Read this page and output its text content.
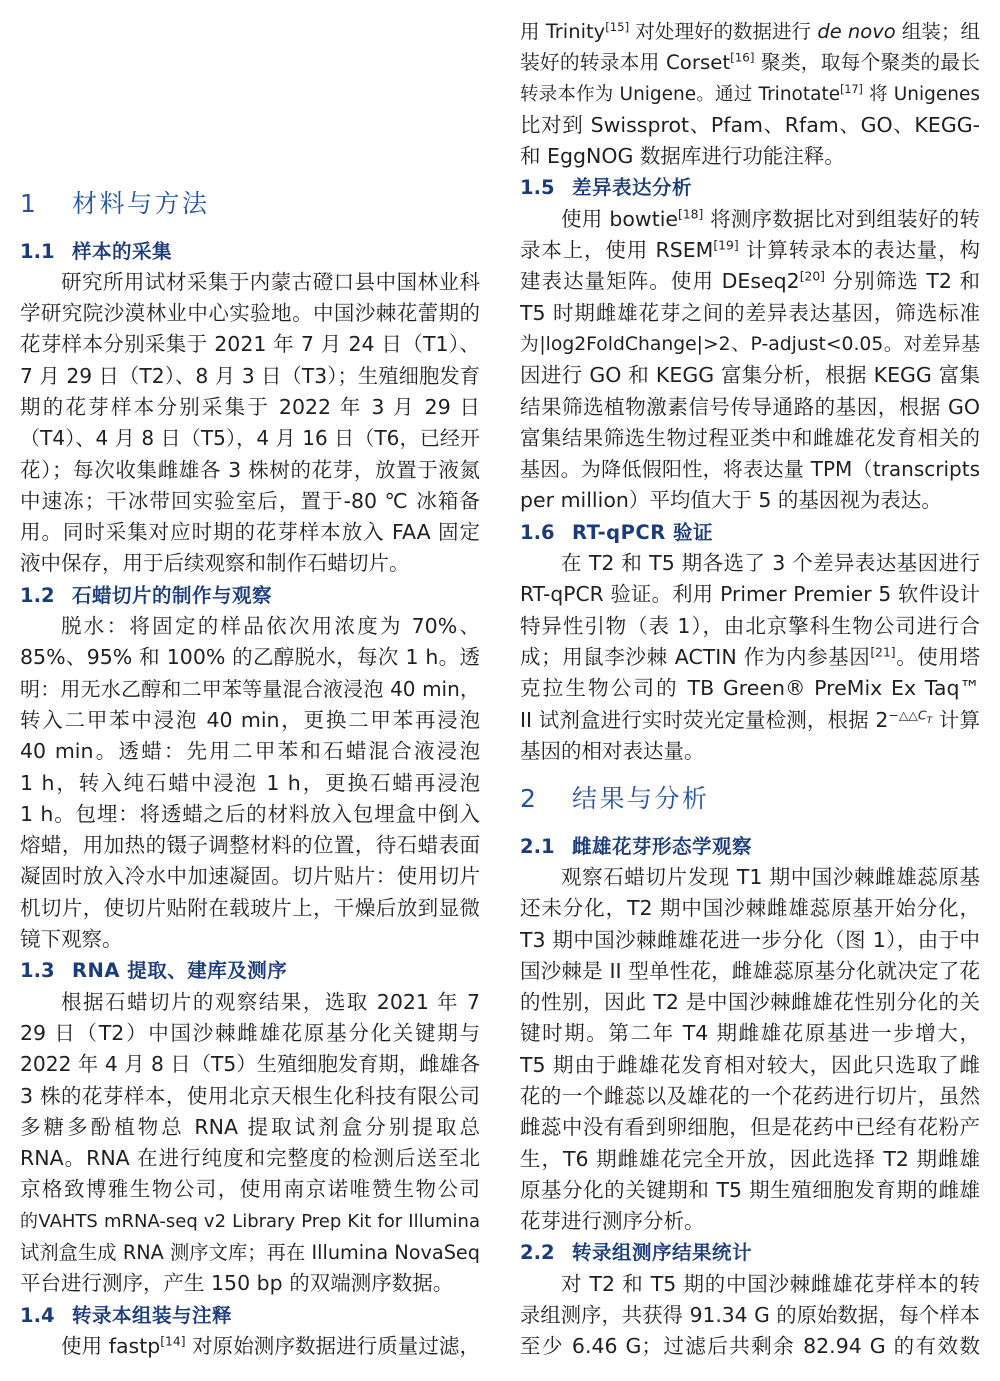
1 材料与方法
1.1 样本的采集
研究所用试材采集于内蒙古磴口县中国林业科
学研究院沙漠林业中心实验地。中国沙棘花蕾期的
花芽样本分别采集于 2021 年 7 月 24 日（T1）、
7 月 29 日（T2）、8 月 3 日（T3）；生殖细胞发育
期的花芽样本分别采集于 2022 年 3 月 29 日
（T4）、4 月 8 日（T5），4 月 16 日（T6，已经开
花）；每次收集雌雄各 3 株树的花芽，放置于液氮
中速冻；干冰带回实验室后，置于-80 ℃ 冰箱备
用。同时采集对应时期的花芽样本放入 FAA 固定
液中保存，用于后续观察和制作石蜡切片。
1.2 石蜡切片的制作与观察
脱水：将固定的样品依次用浓度为 70%、
85%、95% 和 100% 的乙醇脱水，每次 1 h。透
明：用无水乙醇和二甲苯等量混合液浸泡 40 min，
转入二甲苯中浸泡 40 min，更换二甲苯再浸泡
40 min。透蜡：先用二甲苯和石蜡混合液浸泡
1 h，转入纯石蜡中浸泡 1 h，更换石蜡再浸泡
1 h。包埋：将透蜡之后的材料放入包埋盒中倒入
熔蜡，用加热的镊子调整材料的位置，待石蜡表面
凝固时放入冷水中加速凝固。切片贴片：使用切片
机切片，使切片贴附在载玻片上，干燥后放到显微
镜下观察。
1.3 RNA 提取、建库及测序
根据石蜡切片的观察结果，选取 2021 年 7
29 日（T2）中国沙棘雌雄花原基分化关键期与
2022 年 4 月 8 日（T5）生殖细胞发育期，雌雄各
3 株的花芽样本，使用北京天根生化科技有限公司
多糖多酚植物总 RNA 提取试剂盒分别提取总
RNA。RNA 在进行纯度和完整度的检测后送至北
京格致博雅生物公司，使用南京诺唯赞生物公司
的VAHTS mRNA-seq v2 Library Prep Kit for Illumina
试剂盒生成 RNA 测序文库；再在 Illumina NovaSeq
平台进行测序，产生 150 bp 的双端测序数据。
1.4 转录本组装与注释
使用 fastp[14] 对原始测序数据进行质量过滤，
用 Trinity[15] 对处理好的数据进行 de novo 组装；组
装好的转录本用 Corset[16] 聚类，取每个聚类的最长
转录本作为 Unigene。通过 Trinotate[17] 将 Unigenes
比对到 Swissprot、Pfam、Rfam、GO、KEGG-
和 EggNOG 数据库进行功能注释。
1.5 差异表达分析
使用 bowtie[18] 将测序数据比对到组装好的转
录本上，使用 RSEM[19] 计算转录本的表达量，构
建表达量矩阵。使用 DEseq2[20] 分别筛选 T2 和
T5 时期雌雄花芽之间的差异表达基因，筛选标准
为|log2FoldChange|>2、P-adjust<0.05。对差异基
因进行 GO 和 KEGG 富集分析，根据 KEGG 富集
结果筛选植物激素信号传导通路的基因，根据 GO
富集结果筛选生物过程亚类中和雌雄花发育相关的
基因。为降低假阳性，将表达量 TPM（transcripts
per million）平均值大于 5 的基因视为表达。
1.6 RT-qPCR 验证
在 T2 和 T5 期各选了 3 个差异表达基因进行
RT-qPCR 验证。利用 Primer Premier 5 软件设计
特异性引物（表 1），由北京擎科生物公司进行合
成；用鼠李沙棘 ACTIN 作为内参基因[21]。使用塔
克拉生物公司的 TB Green® PreMix Ex Taq™
II 试剂盒进行实时荧光定量检测，根据 $2^{-\triangle\triangle CT}$ 计算
基因的相对表达量。
2 结果与分析
2.1 雌雄花芽形态学观察
观察石蜡切片发现 T1 期中国沙棘雌雄蕊原基
还未分化，T2 期中国沙棘雌雄蕊原基开始分化，
T3 期中国沙棘雌雄花进一步分化（图 1），由于中
国沙棘是 II 型单性花，雌雄蕊原基分化就决定了花
的性别，因此 T2 是中国沙棘雌雄花性别分化的关
键时期。第二年 T4 期雌雄花原基进一步增大，
T5 期由于雌雄花发育相对较大，因此只选取了雌
花的一个雌蕊以及雄花的一个花药进行切片，虽然
雌蕊中没有看到卵细胞，但是花药中已经有花粉产
生，T6 期雌雄花完全开放，因此选择 T2 期雌雄
原基分化的关键期和 T5 期生殖细胞发育期的雌雄
花芽进行测序分析。
2.2 转录组测序结果统计
对 T2 和 T5 期的中国沙棘雌雄花芽样本的转
录组测序，共获得 91.34 G 的原始数据，每个样本
至少 6.46 G；过滤后共剩余 82.94 G 的有效数
